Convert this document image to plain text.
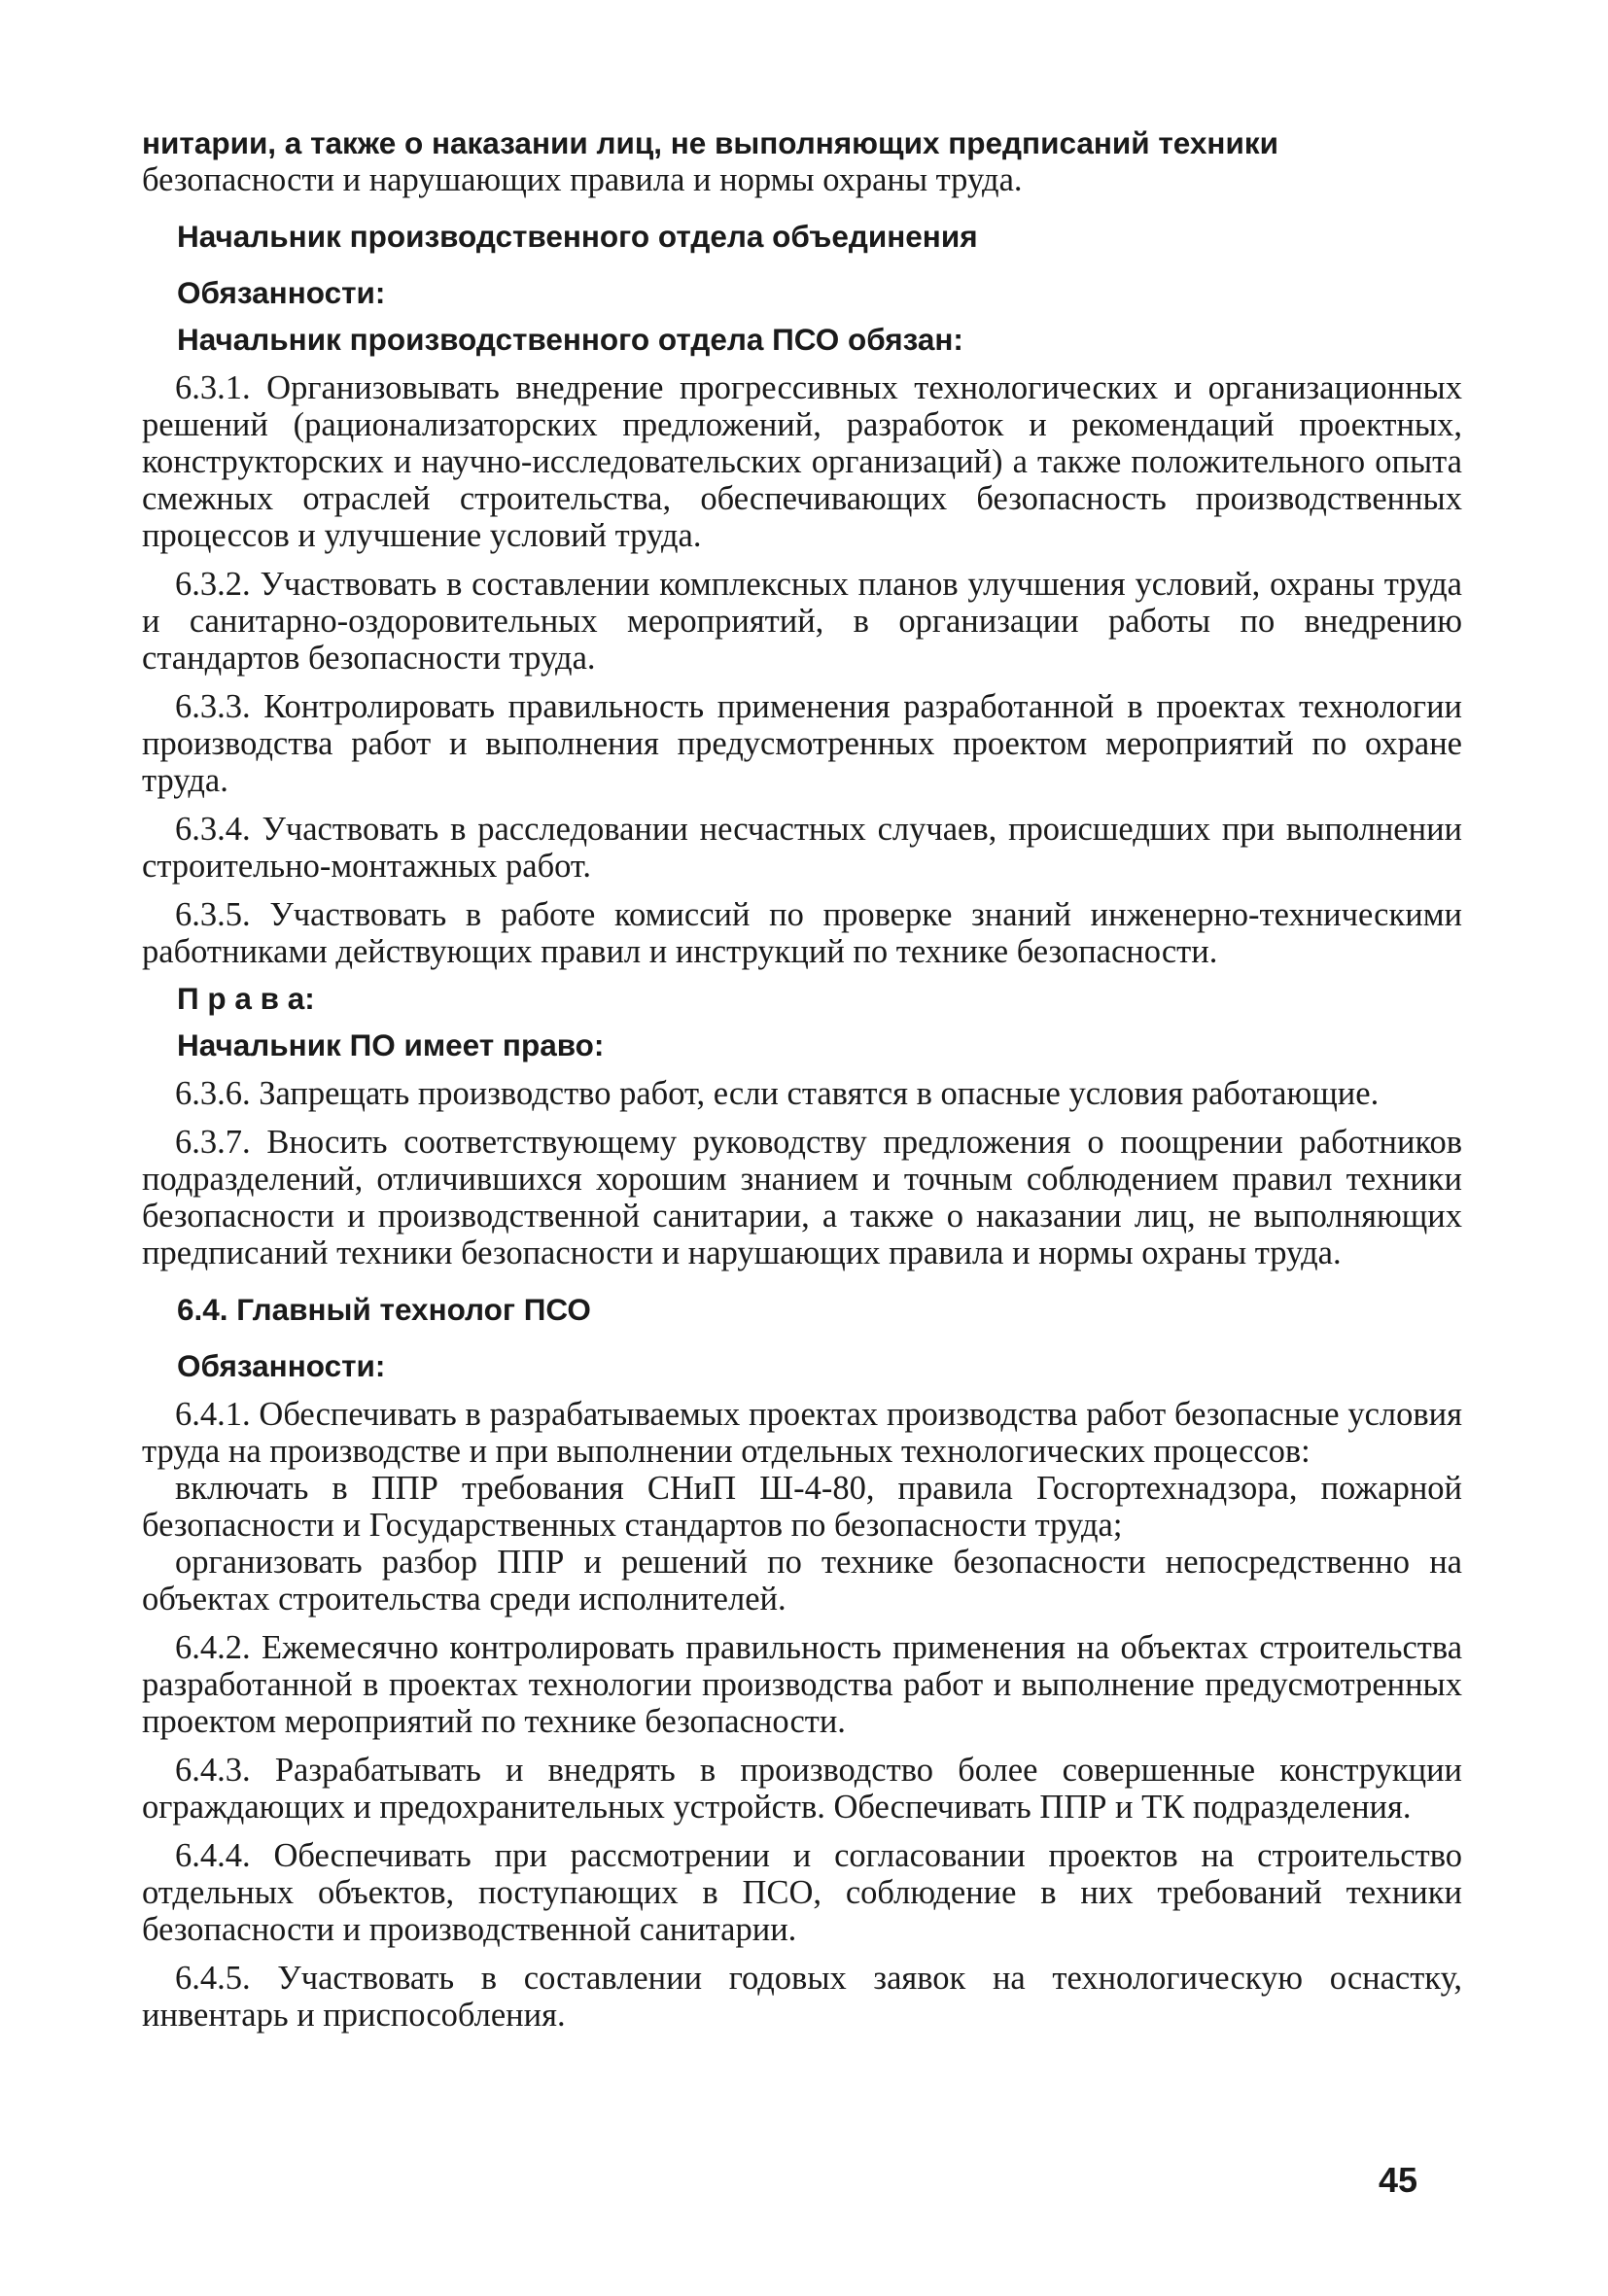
нитарии, а также о наказании лиц, не выполняющих предписаний техники

безопасности и нарушающих правила и нормы охраны труда.

Начальник производственного отдела объединения

Обязанности:

Начальник производственного отдела ПСО обязан:

6.3.1. Организовывать внедрение прогрессивных технологических и организационных решений (рационализаторских предложений, разработок и рекомендаций проектных, конструкторских и научно-исследовательских организаций) а также положительного опыта смежных отраслей строительства, обеспечивающих безопасность производственных процессов и улучшение условий труда.

6.3.2. Участвовать в составлении комплексных планов улучшения условий, охраны труда и санитарно-оздоровительных мероприятий, в организации работы по внедрению стандартов безопасности труда.

6.3.3. Контролировать правильность применения разработанной в проектах технологии производства работ и выполнения предусмотренных проектом мероприятий по охране труда.

6.3.4. Участвовать в расследовании несчастных случаев, происшедших при выполнении строительно-монтажных работ.

6.3.5. Участвовать в работе комиссий по проверке знаний инженерно-техническими работниками действующих правил и инструкций по технике безопасности.

П р а в а:

Начальник ПО имеет право:

6.3.6. Запрещать производство работ, если ставятся в опасные условия работающие.

6.3.7. Вносить соответствующему руководству предложения о поощрении работников подразделений, отличившихся хорошим знанием и точным соблюдением правил техники безопасности и производственной санитарии, а также о наказании лиц, не выполняющих предписаний техники безопасности и нарушающих правила и нормы охраны труда.

6.4. Главный технолог ПСО

Обязанности:

6.4.1. Обеспечивать в разрабатываемых проектах производства работ безопасные условия труда на производстве и при выполнении отдельных технологических процессов:

включать в ППР требования СНиП Ш-4-80, правила Госгортехнадзора, пожарной безопасности и Государственных стандартов по безопасности труда;

организовать разбор ППР и решений по технике безопасности непосредственно на объектах строительства среди исполнителей.

6.4.2. Ежемесячно контролировать правильность применения на объектах строительства разработанной в проектах технологии производства работ и выполнение предусмотренных проектом мероприятий по технике безопасности.

6.4.3. Разрабатывать и внедрять в производство более совершенные конструкции ограждающих и предохранительных устройств. Обеспечивать ППР и ТК подразделения.

6.4.4. Обеспечивать при рассмотрении и согласовании проектов на строительство отдельных объектов, поступающих в ПСО, соблюдение в них требований техники безопасности и производственной санитарии.

6.4.5. Участвовать в составлении годовых заявок на технологическую оснастку, инвентарь и приспособления.

45
